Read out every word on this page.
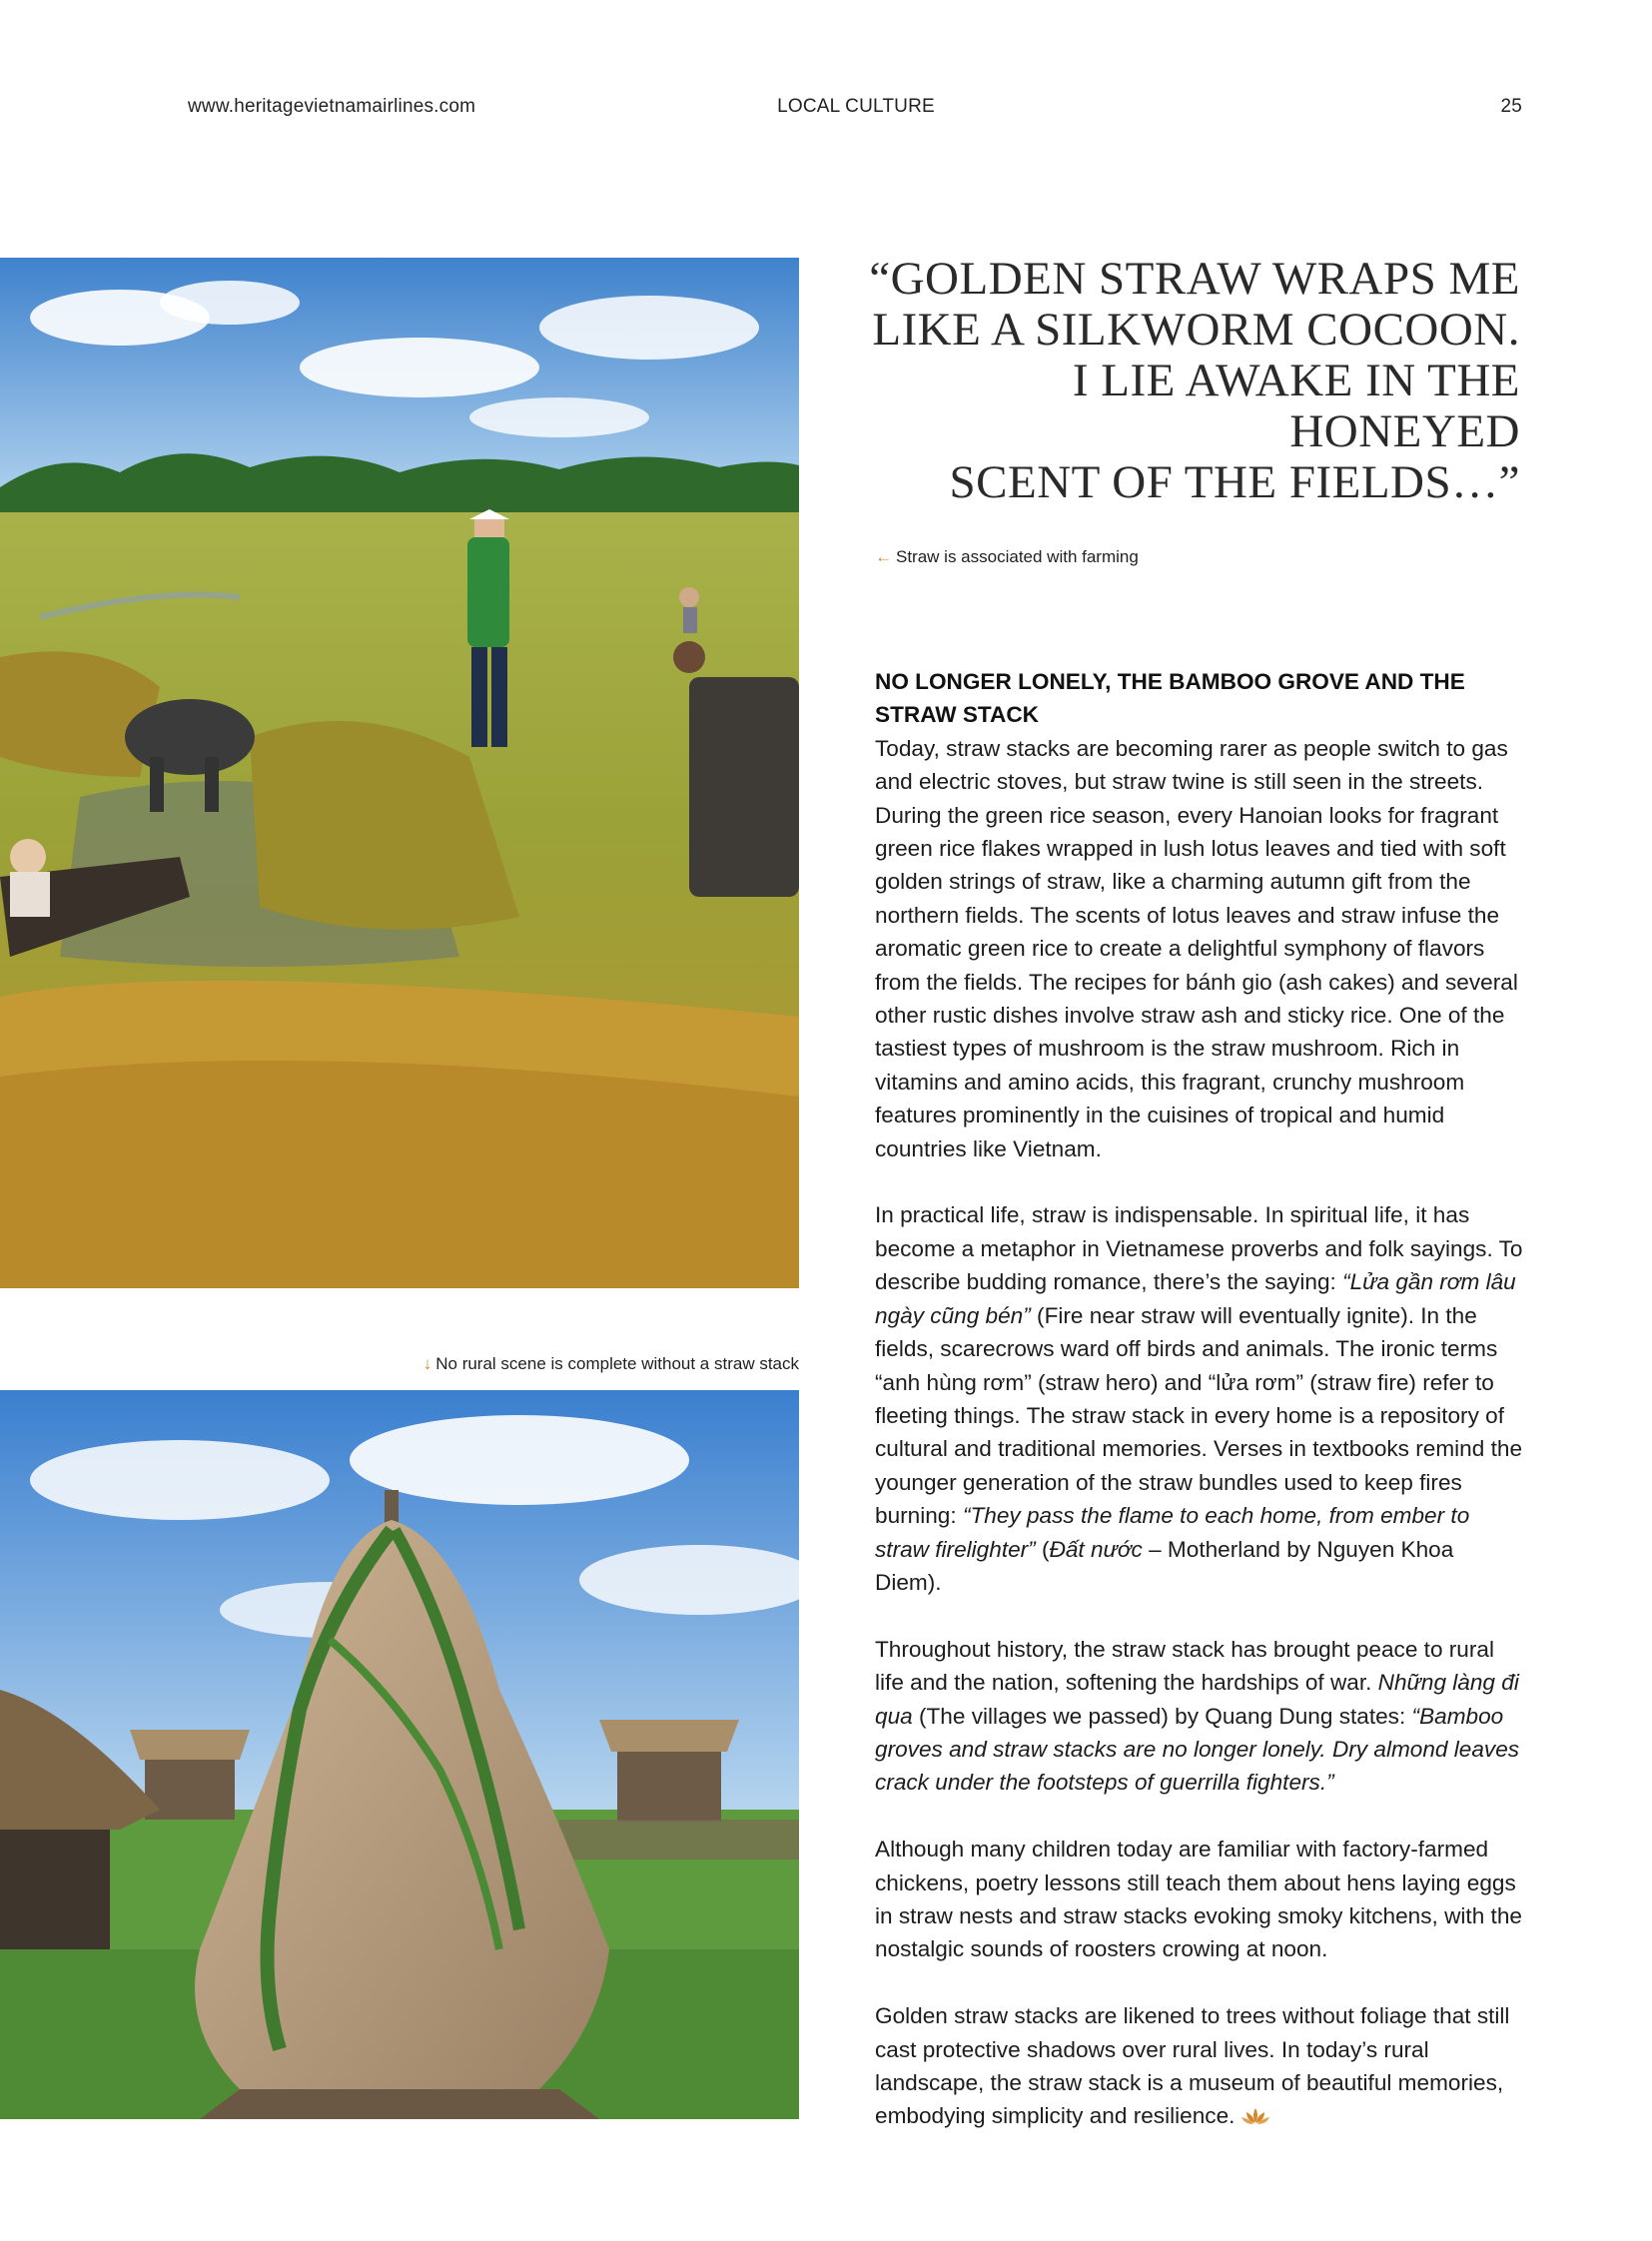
www.heritagevietnamairlines.com	LOCAL CULTURE	25
← Straw is associated with farming
“GOLDEN STRAW WRAPS ME
LIKE A SILKWORM COCOON.
I LIE AWAKE IN THE HONEYED
SCENT OF THE FIELDS…”
↓ No rural scene is complete without a straw stack
NO LONGER LONELY, THE BAMBOO GROVE AND THE STRAW STACK

Today, straw stacks are becoming rarer as people switch to gas and electric stoves, but straw twine is still seen in the streets. During the green rice season, every Hanoian looks for fragrant green rice flakes wrapped in lush lotus leaves and tied with soft golden strings of straw, like a charming autumn gift from the northern fields. The scents of lotus leaves and straw infuse the aromatic green rice to create a delightful symphony of flavors from the fields. The recipes for bánh gio (ash cakes) and several other rustic dishes involve straw ash and sticky rice. One of the tastiest types of mushroom is the straw mushroom. Rich in vitamins and amino acids, this fragrant, crunchy mushroom features prominently in the cuisines of tropical and humid countries like Vietnam.

In practical life, straw is indispensable. In spiritual life, it has become a metaphor in Vietnamese proverbs and folk sayings. To describe budding romance, there’s the saying: “Lửa gần rơm lâu ngày cũng bén” (Fire near straw will eventually ignite). In the fields, scarecrows ward off birds and animals. The ironic terms “anh hùng rơm” (straw hero) and “lửa rơm” (straw fire) refer to fleeting things. The straw stack in every home is a repository of cultural and traditional memories. Verses in textbooks remind the younger generation of the straw bundles used to keep fires burning: “They pass the flame to each home, from ember to straw firelighter” (Đất nước – Motherland by Nguyen Khoa Diem).

Throughout history, the straw stack has brought peace to rural life and the nation, softening the hardships of war. Những làng đi qua (The villages we passed) by Quang Dung states: “Bamboo groves and straw stacks are no longer lonely. Dry almond leaves crack under the footsteps of guerrilla fighters.”

Although many children today are familiar with factory-farmed chickens, poetry lessons still teach them about hens laying eggs in straw nests and straw stacks evoking smoky kitchens, with the nostalgic sounds of roosters crowing at noon.

Golden straw stacks are likened to trees without foliage that still cast protective shadows over rural lives. In today’s rural landscape, the straw stack is a museum of beautiful memories, embodying simplicity and resilience.
